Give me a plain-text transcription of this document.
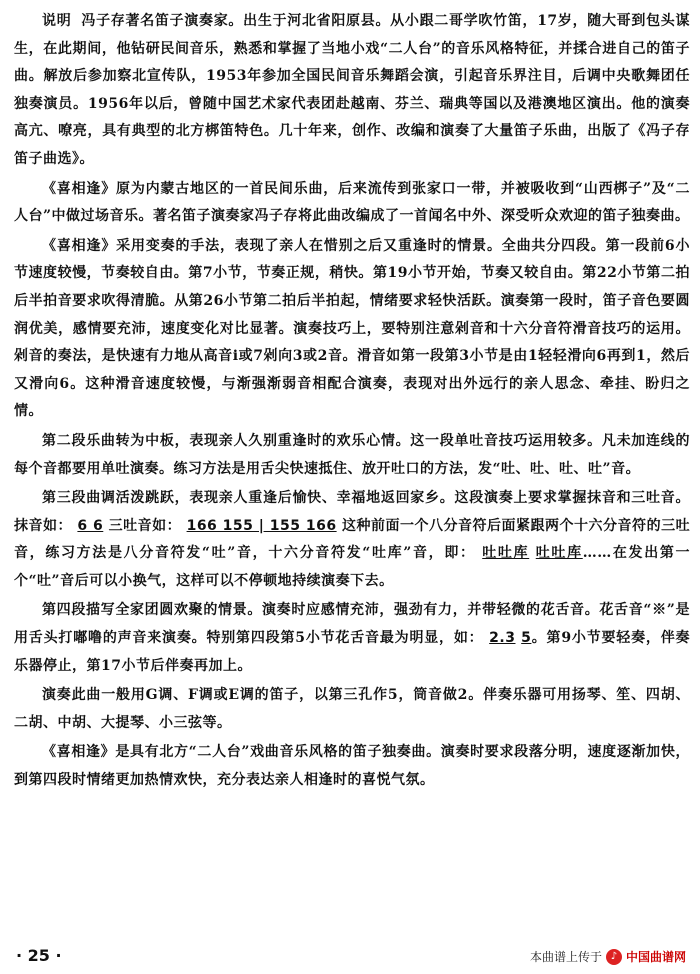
说明 冯子存著名笛子演奏家。出生于河北省阳原县。从小跟二哥学吹竹笛，17岁，随大哥到包头谋生，在此期间，他钻研民间音乐，熟悉和掌握了当地小戏“二人台”的音乐风格特征，并揉合进自己的笛子曲。解放后参加察北宣传队，1953年参加全国民间音乐舞蹈会演，引起音乐界注目，后调中央歌舞团任独奏演员。1956年以后，曾随中国艺术家代表团赴越南、芬兰、瑞典等国以及港澳地区演出。他的演奏高亢、嘹亮，具有典型的北方梆笛特色。几十年来，创作、改编和演奏了大量笛子乐曲，出版了《冯子存笛子曲选》。

《喜相逢》原为内蒙古地区的一首民间乐曲，后来流传到张家口一带，并被吸收到“山西梆子”及“二人台”中做过场音乐。著名笛子演奏家冯子存将此曲改编成了一首闻名中外、深受听众欢迎的笛子独奏曲。

《喜相逢》采用变奏的手法，表现了亲人在惜别之后又重逢时的情景。全曲共分四段。第一段前6小节速度较慢，节奏较自由。第7小节，节奏正规，稍快。第19小节开始，节奏又较自由。第22小节第二拍后半拍音要求吹得清脆。从第26小节第二拍后半拍起，情绪要求轻快活跃。演奏第一段时，笛子音色要圆润优美，感情要充沛，速度变化对比显著。演奏技巧上，要特别注意剁音和十六分音符滑音技巧的运用。剁音的奏法，是快速有力地从高音i或7剁向3或2音。滑音如第一段第3小节是由1轻轻滑向6再到1，然后又滑向6。这种滑音速度较慢，与渐强渐弱音相配合演奏，表现对出外远行的亲人思念、牵挂、盼归之情。

第二段乐曲转为中板，表现亲人久别重逢时的欢乐心情。这一段单吐音技巧运用较多。凡未加连线的每个音都要用单吐演奏。练习方法是用舌尖快速抵住、放开吐口的方法，发“吐、吐、吐、吐”音。

第三段曲调活泼跳跃，表现亲人重逢后愉快、幸福地返回家乡。这段演奏上要求掌握抹音和三吐音。抹音如： 6 6 三吐音如： 166 155 | 155 166 这种前面一个八分音符后面紧跟两个十六分音符的三吐音，练习方法是八分音符发“吐”音，十六分音符发“吐库”音，即： 吐吐库 吐吐库……在发出第一个“吐”音后可以小换气，这样可以不停顿地持续演奏下去。

第四段描写全家团圆欢聚的情景。演奏时应感情充沛，强劲有力，并带轻微的花舌音。花舌音“※”是用舌头打嘟噜的声音来演奏。特别第四段第5小节花舌音最为明显，如： 2.3 5。第9小节要轻奏，伴奏乐器停止，第17小节后伴奏再加上。

演奏此曲一般用G调、F调或E调的笛子，以第三孔作5，筒音做2。伴奏乐器可用扬琴、笙、四胡、二胡、中胡、大提琴、小三弦等。

《喜相逢》是具有北方“二人台”戏曲音乐风格的笛子独奏曲。演奏时要求段落分明，速度逐渐加快，到第四段时情绪更加热情欢快，充分表达亲人相逢时的喜悦气氛。

· 25 ·	本曲谱上传于 ♪ 中国曲谱网
